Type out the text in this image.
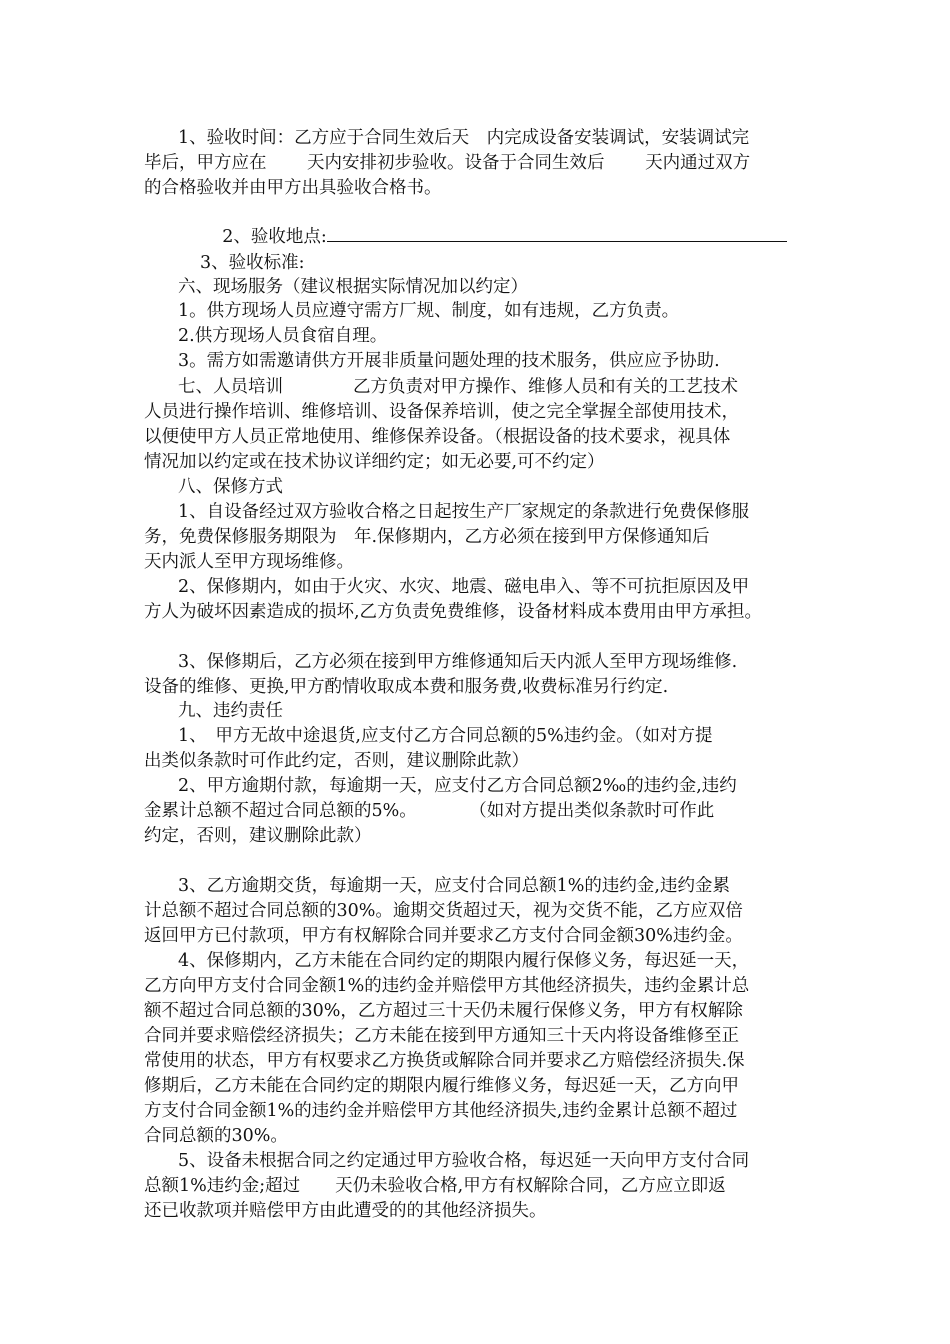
1、验收时间：乙方应于合同生效后天　内完成设备安装调试，安装调试完
毕后，甲方应在　　 天内安排初步验收。设备于合同生效后　　 天内通过双方
的合格验收并由甲方出具验收合格书。

2、验收地点:

3、验收标准:
六、现场服务（建议根据实际情况加以约定）
1。供方现场人员应遵守需方厂规、制度，如有违规，乙方负责。
2.供方现场人员食宿自理。
3。需方如需邀请供方开展非质量问题处理的技术服务，供应应予协助.
七、人员培训　　　　乙方负责对甲方操作、维修人员和有关的工艺技术
人员进行操作培训、维修培训、设备保养培训，使之完全掌握全部使用技术，
以便使甲方人员正常地使用、维修保养设备。（根据设备的技术要求，视具体
情况加以约定或在技术协议详细约定；如无必要,可不约定）
八、保修方式
1、自设备经过双方验收合格之日起按生产厂家规定的条款进行免费保修服
务，免费保修服务期限为　年.保修期内，乙方必须在接到甲方保修通知后
天内派人至甲方现场维修。
2、保修期内，如由于火灾、水灾、地震、磁电串入、等不可抗拒原因及甲
方人为破坏因素造成的损坏,乙方负责免费维修，设备材料成本费用由甲方承担。
3、保修期后，乙方必须在接到甲方维修通知后天内派人至甲方现场维修.
设备的维修、更换,甲方酌情收取成本费和服务费,收费标准另行约定.
九、违约责任
1、　甲方无故中途退货,应支付乙方合同总额的5%违约金。（如对方提
出类似条款时可作此约定，否则，建议删除此款）
2、甲方逾期付款，每逾期一天，应支付乙方合同总额2‰的违约金,违约
金累计总额不超过合同总额的5%。　　　　（如对方提出类似条款时可作此
约定，否则，建议删除此款）
3、乙方逾期交货，每逾期一天，应支付合同总额1%的违约金,违约金累
计总额不超过合同总额的30%。逾期交货超过天，视为交货不能，乙方应双倍
返回甲方已付款项，甲方有权解除合同并要求乙方支付合同金额30%违约金。
4、保修期内，乙方未能在合同约定的期限内履行保修义务，每迟延一天，
乙方向甲方支付合同金额1%的违约金并赔偿甲方其他经济损失，违约金累计总
额不超过合同总额的30%，乙方超过三十天仍未履行保修义务，甲方有权解除
合同并要求赔偿经济损失；乙方未能在接到甲方通知三十天内将设备维修至正
常使用的状态，甲方有权要求乙方换货或解除合同并要求乙方赔偿经济损失.保
修期后，乙方未能在合同约定的期限内履行维修义务，每迟延一天，乙方向甲
方支付合同金额1%的违约金并赔偿甲方其他经济损失,违约金累计总额不超过
合同总额的30%。
5、设备未根据合同之约定通过甲方验收合格，每迟延一天向甲方支付合同
总额1%违约金;超过　　天仍未验收合格,甲方有权解除合同，乙方应立即返
还已收款项并赔偿甲方由此遭受的的其他经济损失。
